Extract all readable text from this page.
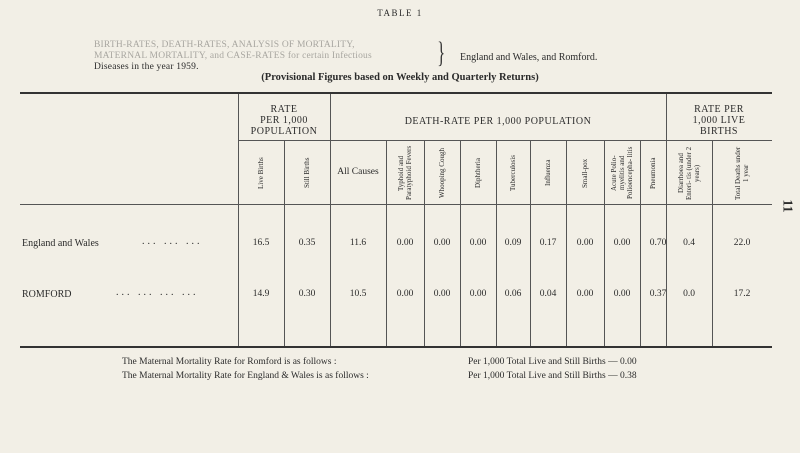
TABLE 1
BIRTH-RATES, DEATH-RATES, ANALYSIS OF MORTALITY,
MATERNAL MORTALITY, and CASE-RATES for certain Infectious
Diseases in the year 1959.	} England and Wales, and Romford.
(Provisional Figures based on Weekly and Quarterly Returns)
RATE
PER 1,000
POPULATION
DEATH-RATE PER 1,000 POPULATION
RATE PER
1,000 LIVE
BIRTHS
Live Births	Still Births	All Causes	Typhoid and Paratyphoid Fevers	Whooping Cough	Diphtheria	Tuberculosis	Influenza	Small-pox	Acute Polio- myelitis and Polioencepha- litis	Pneumonia	Diarrhoea and Enteri- tis (under 2 years)	Total Deaths under 1 year
England and Wales	... ... ...	16.5	0.35	11.6	0.00	0.00	0.00	0.09	0.17	0.00	0.00	0.70	0.4	22.0
ROMFORD	... ... ... ...	14.9	0.30	10.5	0.00	0.00	0.00	0.06	0.04	0.00	0.00	0.37	0.0	17.2
The Maternal Mortality Rate for Romford is as follows :	Per 1,000 Total Live and Still Births — 0.00
The Maternal Mortality Rate for England & Wales is as follows :	Per 1,000 Total Live and Still Births — 0.38
11
